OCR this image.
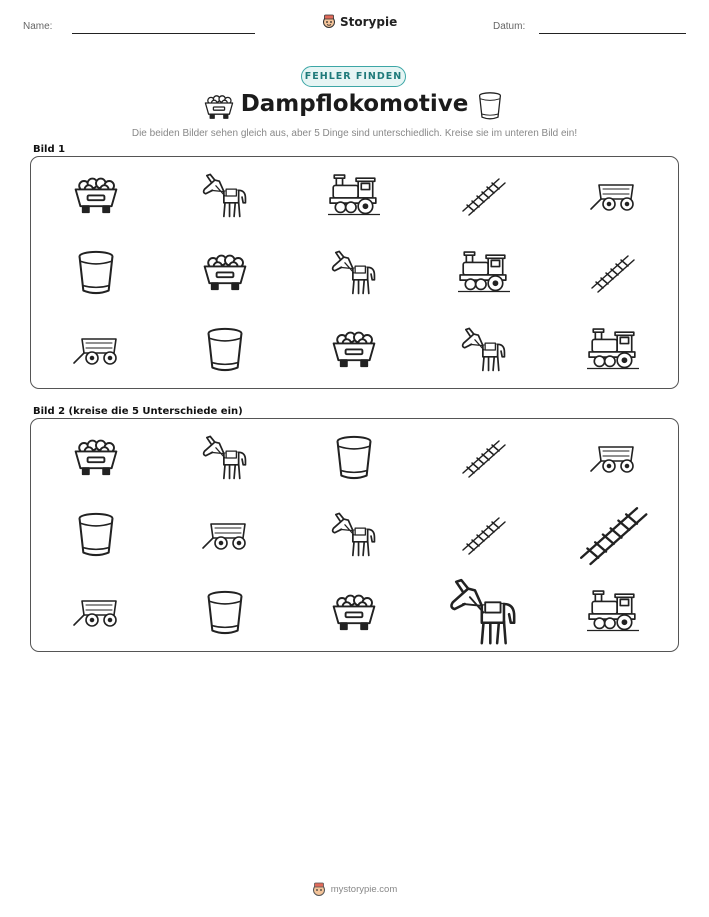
Name:	Storypie	Datum:
FEHLER FINDEN
Dampflokomotive
Die beiden Bilder sehen gleich aus, aber 5 Dinge sind unterschiedlich. Kreise sie im unteren Bild ein!
Bild 1
Bild 2 (kreise die 5 Unterschiede ein)
mystorypie.com
